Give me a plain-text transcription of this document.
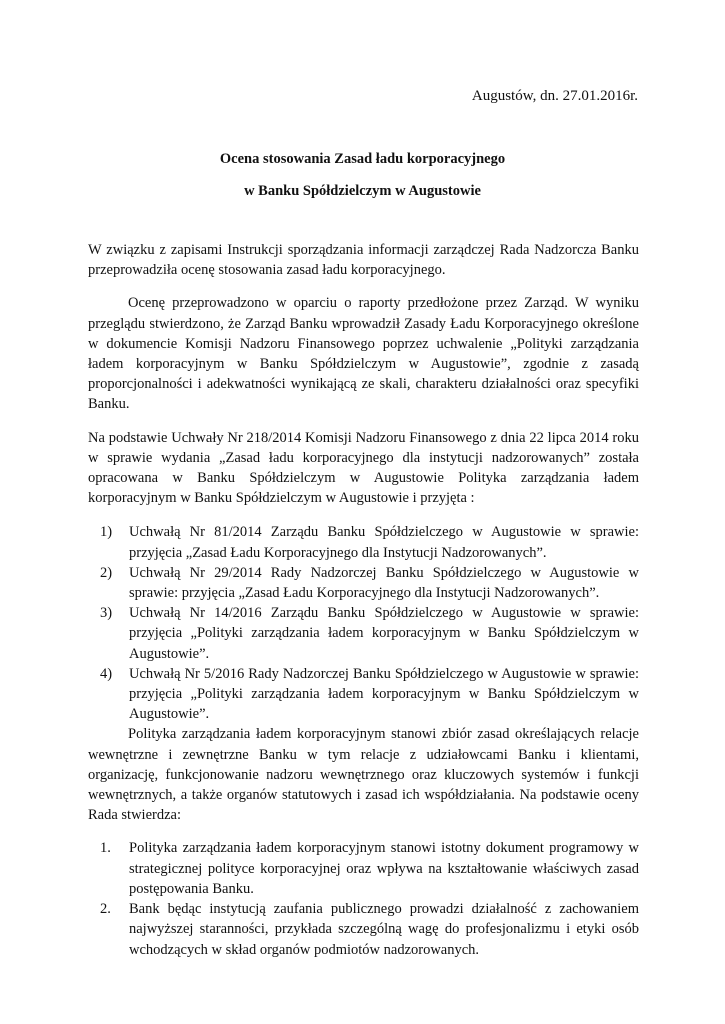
Augustów, dn. 27.01.2016r.
Ocena stosowania Zasad ładu korporacyjnego
w Banku Spółdzielczym w Augustowie

W związku z zapisami Instrukcji sporządzania informacji zarządczej Rada Nadzorcza Banku przeprowadziła ocenę stosowania zasad ładu korporacyjnego.

Ocenę przeprowadzono w oparciu o raporty przedłożone przez Zarząd. W wyniku przeglądu stwierdzono, że Zarząd Banku wprowadził Zasady Ładu Korporacyjnego określone w dokumencie Komisji Nadzoru Finansowego poprzez uchwalenie „Polityki zarządzania ładem korporacyjnym w Banku Spółdzielczym w Augustowie”, zgodnie z zasadą proporcjonalności i adekwatności wynikającą ze skali, charakteru działalności oraz specyfiki Banku.

Na podstawie Uchwały Nr 218/2014 Komisji Nadzoru Finansowego z dnia 22 lipca 2014 roku w sprawie wydania „Zasad ładu korporacyjnego dla instytucji nadzorowanych” została opracowana w Banku Spółdzielczym w Augustowie Polityka zarządzania ładem korporacyjnym w Banku Spółdzielczym w Augustowie i przyjęta :

1) Uchwałą Nr 81/2014 Zarządu Banku Spółdzielczego w Augustowie w sprawie: przyjęcia „Zasad Ładu Korporacyjnego dla Instytucji Nadzorowanych”.
2) Uchwałą Nr 29/2014 Rady Nadzorczej Banku Spółdzielczego w Augustowie w sprawie: przyjęcia „Zasad Ładu Korporacyjnego dla Instytucji Nadzorowanych”.
3) Uchwałą Nr 14/2016 Zarządu Banku Spółdzielczego w Augustowie w sprawie: przyjęcia „Polityki zarządzania ładem korporacyjnym w Banku Spółdzielczym w Augustowie”.
4) Uchwałą Nr 5/2016 Rady Nadzorczej Banku Spółdzielczego w Augustowie w sprawie: przyjęcia „Polityki zarządzania ładem korporacyjnym w Banku Spółdzielczym w Augustowie”.

Polityka zarządzania ładem korporacyjnym stanowi zbiór zasad określających relacje wewnętrzne i zewnętrzne Banku w tym relacje z udziałowcami Banku i klientami, organizację, funkcjonowanie nadzoru wewnętrznego oraz kluczowych systemów i funkcji wewnętrznych, a także organów statutowych i zasad ich współdziałania. Na podstawie oceny Rada stwierdza:

1. Polityka zarządzania ładem korporacyjnym stanowi istotny dokument programowy w strategicznej polityce korporacyjnej oraz wpływa na kształtowanie właściwych zasad postępowania Banku.
2. Bank będąc instytucją zaufania publicznego prowadzi działalność z zachowaniem najwyższej staranności, przykłada szczególną wagę do profesjonalizmu i etyki osób wchodzących w skład organów podmiotów nadzorowanych.
